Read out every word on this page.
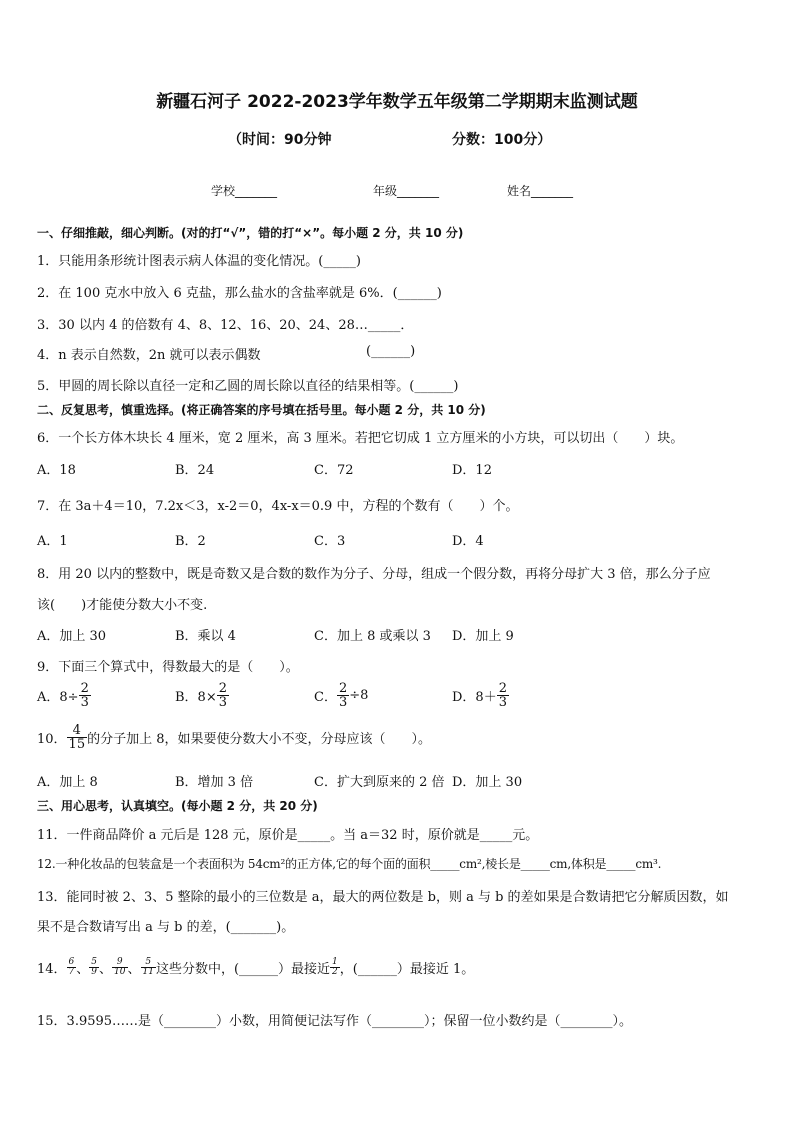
新疆石河子 2022-2023学年数学五年级第二学期期末监测试题
（时间：90分钟	分数：100分）
学校_______	年级_______	姓名_______
一、仔细推敲，细心判断。(对的打“√”，错的打“×”。每小题 2 分，共 10 分)
1．只能用条形统计图表示病人体温的变化情况。(_____)
2．在 100 克水中放入 6 克盐，那么盐水的含盐率就是 6%．(______)
3．30 以内 4 的倍数有 4、8、12、16、20、24、28…_____．
4．n 表示自然数，2n 就可以表示偶数	(______)
5．甲圆的周长除以直径一定和乙圆的周长除以直径的结果相等。(______)
二、反复思考，慎重选择。(将正确答案的序号填在括号里。每小题 2 分，共 10 分)
6．一个长方体木块长 4 厘米，宽 2 厘米，高 3 厘米。若把它切成 1 立方厘米的小方块，可以切出（　　）块。
A．18	B．24	C．72	D．12
7．在 3a＋4＝10，7.2x＜3，x-2＝0，4x-x＝0.9 中，方程的个数有（　　）个。
A．1	B．2	C．3	D．4
8．用 20 以内的整数中，既是奇数又是合数的数作为分子、分母，组成一个假分数，再将分母扩大 3 倍，那么分子应
该(　　)才能使分数大小不变.
A．加上 30	B．乘以 4	C．加上 8 或乘以 3 D．加上 9
9．下面三个算式中，得数最大的是（　　）。
A．$8\div \frac{2}{3}$	B．$8\times \frac{2}{3}$	C． $\frac{2}{3} \div 8$	D．$8+ \frac{2}{3}$
10． $\frac{4}{15}$ 的分子加上 8，如果要使分数大小不变，分母应该（　　）。
A．加上 8	B．增加 3 倍	C．扩大到原来的 2 倍 D．加上 30
三、用心思考，认真填空。(每小题 2 分，共 20 分)
11．一件商品降价 a 元后是 128 元，原价是_____。当 a＝32 时，原价就是_____元。
12.一种化妆品的包装盒是一个表面积为 54cm²的正方体,它的每个面的面积_____cm²,棱长是_____cm,体积是_____cm³.
13．能同时被 2、3、5 整除的最小的三位数是 a，最大的两位数是 b，则 a 与 b 的差如果是合数请把它分解质因数，如
果不是合数请写出 a 与 b 的差，(_______)。
14． $\frac{6}{7}$ 、 $\frac{5}{9}$ 、 $\frac{9}{10}$ 、 $\frac{5}{11}$ 这些分数中，(______）最接近 $\frac{1}{2}$ ，(______）最接近 1。
15．3.9595……是（________）小数，用简便记法写作（________）；保留一位小数约是（________）。
